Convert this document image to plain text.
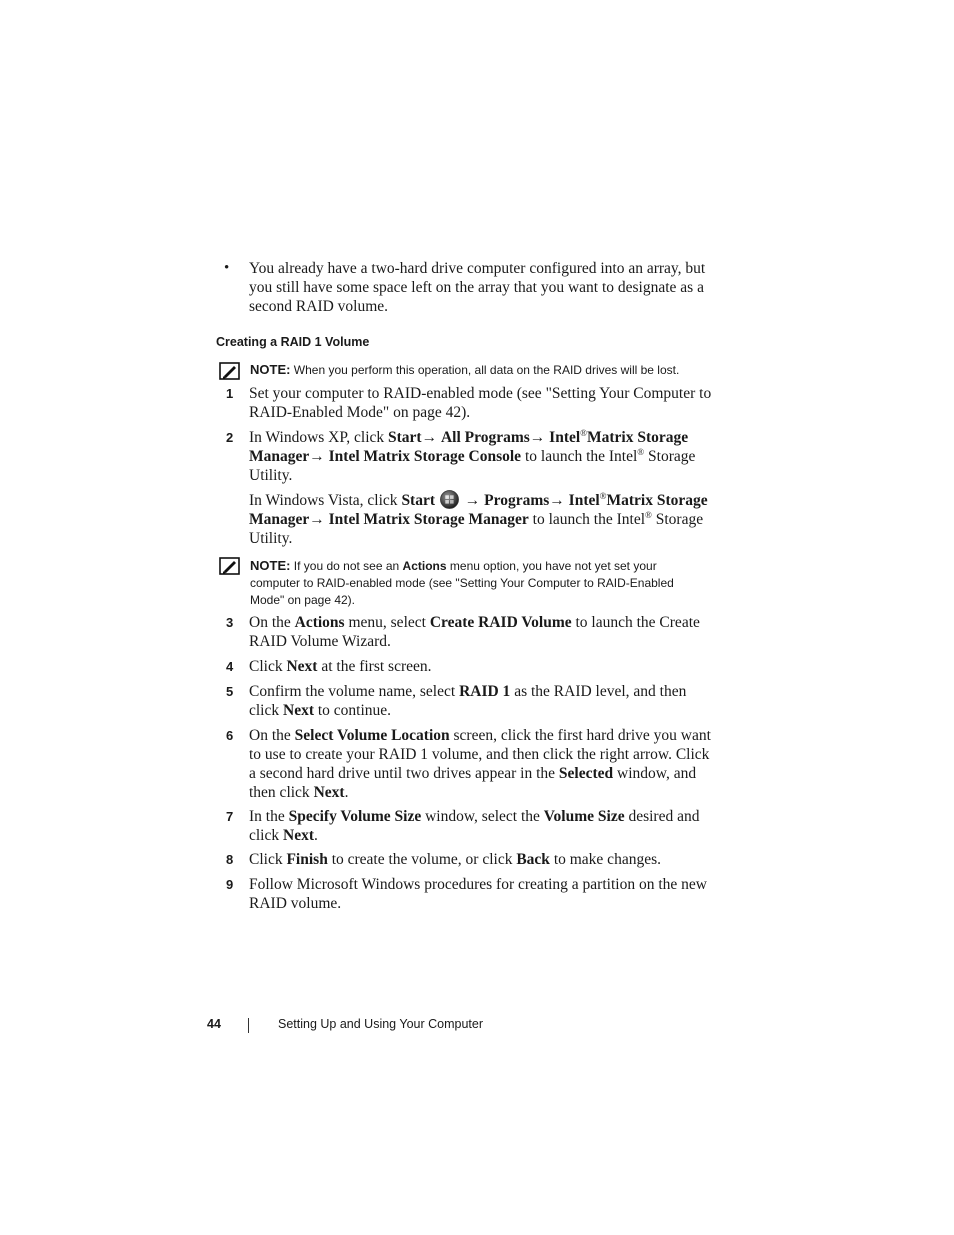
• You already have a two-hard drive computer configured into an array, but
you still have some space left on the array that you want to designate as a
second RAID volume.
Creating a RAID 1 Volume
NOTE: When you perform this operation, all data on the RAID drives will be lost.
1	Set your computer to RAID-enabled mode (see "Setting Your Computer to
RAID-Enabled Mode" on page 42).
2	In Windows XP, click Start→ All Programs→ Intel®Matrix Storage
Manager→ Intel Matrix Storage Console to launch the Intel® Storage
Utility.
In Windows Vista, click Start → Programs→ Intel®Matrix Storage
Manager→ Intel Matrix Storage Manager to launch the Intel® Storage
Utility.
NOTE: If you do not see an Actions menu option, you have not yet set your
computer to RAID-enabled mode (see "Setting Your Computer to RAID-Enabled
Mode" on page 42).
3	On the Actions menu, select Create RAID Volume to launch the Create
RAID Volume Wizard.
4	Click Next at the first screen.
5	Confirm the volume name, select RAID 1 as the RAID level, and then
click Next to continue.
6	On the Select Volume Location screen, click the first hard drive you want
to use to create your RAID 1 volume, and then click the right arrow. Click
a second hard drive until two drives appear in the Selected window, and
then click Next.
7	In the Specify Volume Size window, select the Volume Size desired and
click Next.
8	Click Finish to create the volume, or click Back to make changes.
9	Follow Microsoft Windows procedures for creating a partition on the new
RAID volume.
44	Setting Up and Using Your Computer
